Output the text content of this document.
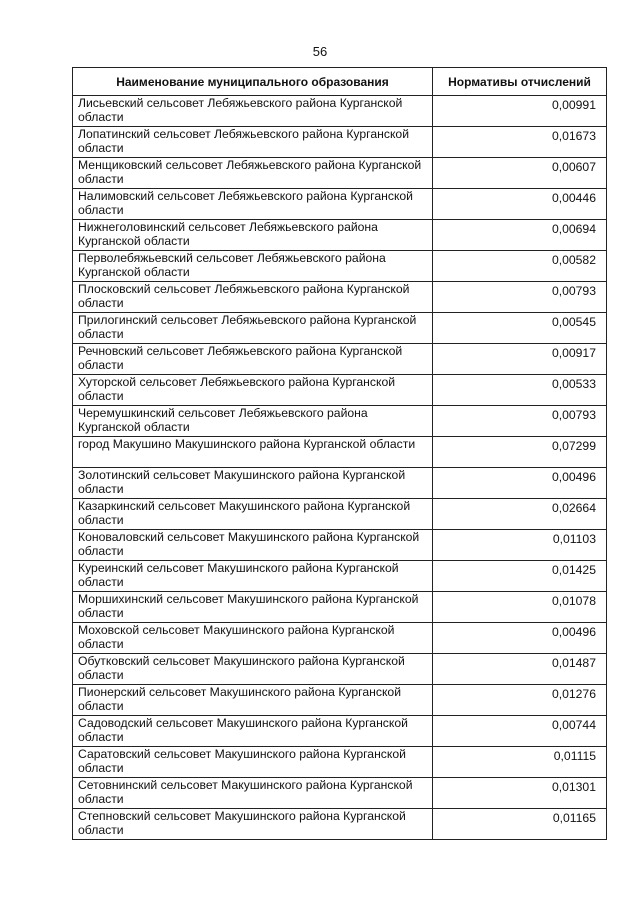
56
Наименование муниципального образования	Нормативы отчислений
Лисьевский сельсовет Лебяжьевского района Курганской области	0,00991
Лопатинский сельсовет Лебяжьевского района Курганской области	0,01673
Менщиковский сельсовет Лебяжьевского района Курганской области	0,00607
Налимовский сельсовет Лебяжьевского района Курганской области	0,00446
Нижнеголовинский сельсовет Лебяжьевского района Курганской области	0,00694
Перволебяжьевский сельсовет Лебяжьевского района Курганской области	0,00582
Плосковский сельсовет Лебяжьевского района Курганской области	0,00793
Прилогинский сельсовет Лебяжьевского района Курганской области	0,00545
Речновский сельсовет Лебяжьевского района Курганской области	0,00917
Хуторской сельсовет Лебяжьевского района Курганской области	0,00533
Черемушкинский сельсовет Лебяжьевского района Курганской области	0,00793
город Макушино Макушинского района Курганской области	0,07299
Золотинский сельсовет Макушинского района Курганской области	0,00496
Казаркинский сельсовет Макушинского района Курганской области	0,02664
Коноваловский сельсовет Макушинского района Курганской области	0,01103
Куреинский сельсовет Макушинского района Курганской области	0,01425
Моршихинский сельсовет Макушинского района Курганской области	0,01078
Моховской сельсовет Макушинского района Курганской области	0,00496
Обутковский сельсовет Макушинского района Курганской области	0,01487
Пионерский сельсовет Макушинского района Курганской области	0,01276
Садоводский сельсовет Макушинского района Курганской области	0,00744
Саратовский сельсовет Макушинского района Курганской области	0,01115
Сетовнинский сельсовет Макушинского района Курганской области	0,01301
Степновский сельсовет Макушинского района Курганской области	0,01165
